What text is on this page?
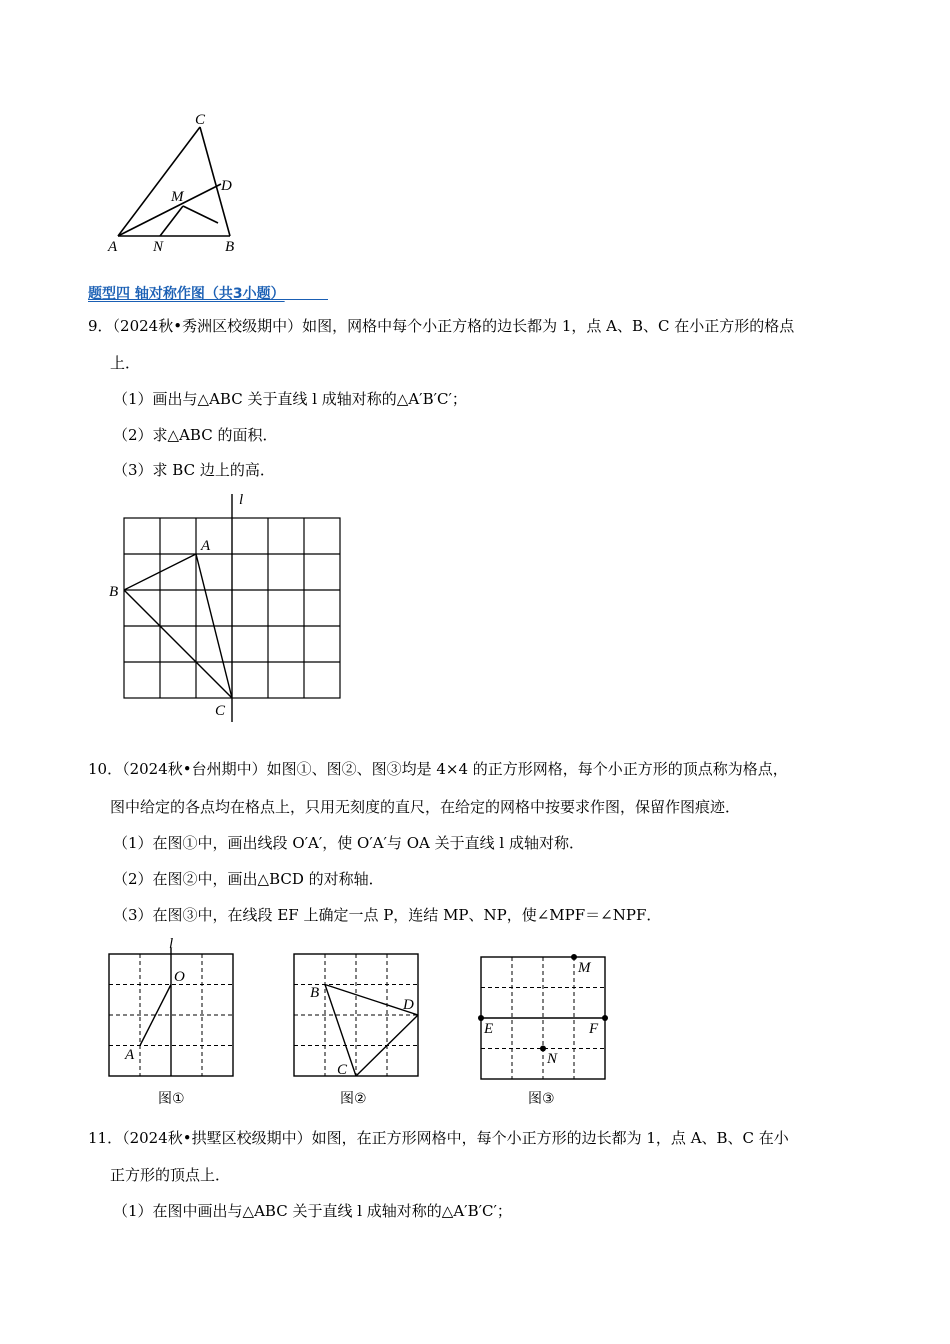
C
D
M
A N	B
题型四 轴对称作图（共3小题）
9．（2024秋•秀洲区校级期中）如图，网格中每个小正方格的边长都为 1，点 A、B、C 在小正方形的格点
上．
（1）画出与△ABC 关于直线 l 成轴对称的△A′B′C′；
（2）求△ABC 的面积．
（3）求 BC 边上的高．
l
A
B
C
10．（2024秋•台州期中）如图①、图②、图③均是 4×4 的正方形网格，每个小正方形的顶点称为格点，
图中给定的各点均在格点上，只用无刻度的直尺，在给定的网格中按要求作图，保留作图痕迹．
（1）在图①中，画出线段 O′A′，使 O′A′与 OA 关于直线 l 成轴对称．
（2）在图②中，画出△BCD 的对称轴．
（3）在图③中，在线段 EF 上确定一点 P，连结 MP、NP，使∠MPF＝∠NPF．
l
O
A
图①
B
D
C
图②
M
E	F
N
图③
11．（2024秋•拱墅区校级期中）如图，在正方形网格中，每个小正方形的边长都为 1，点 A、B、C 在小
正方形的顶点上．
（1）在图中画出与△ABC 关于直线 l 成轴对称的△A′B′C′；
